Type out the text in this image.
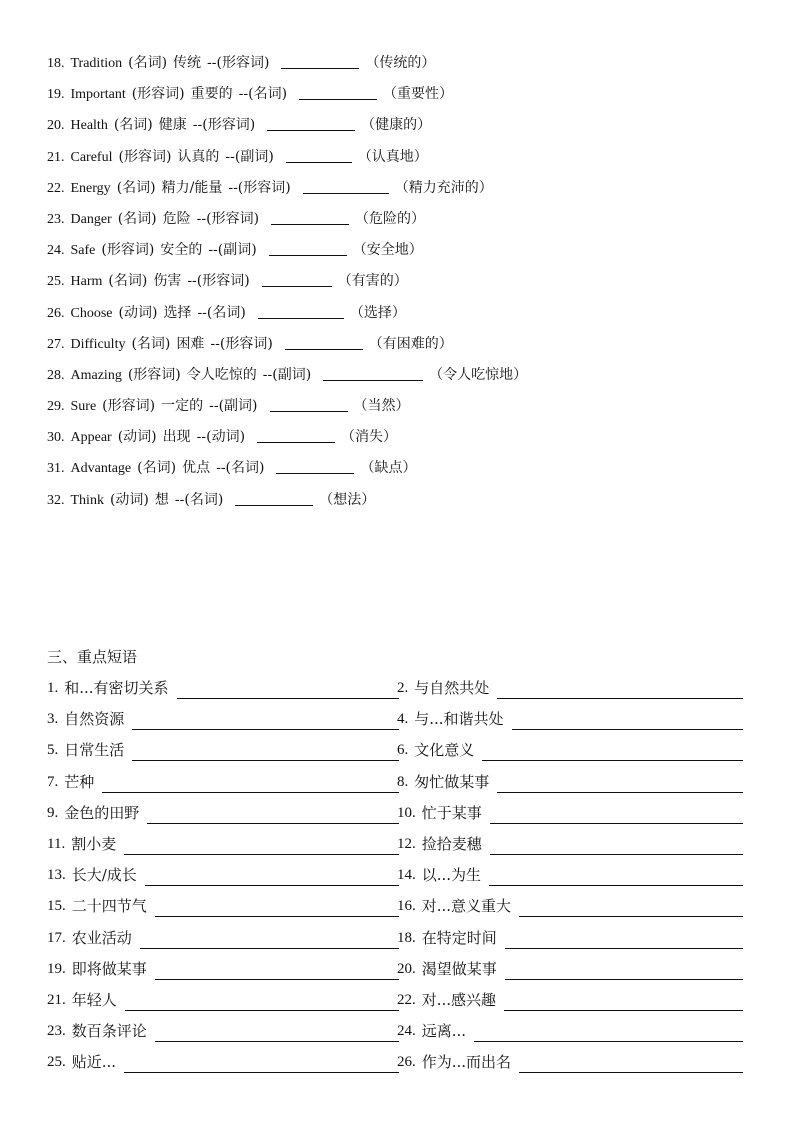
18. Tradition (名词) 传统 --(形容词)	（传统的）
19. Important (形容词) 重要的 --(名词)	（重要性）
20. Health (名词) 健康 --(形容词)	（健康的）
21. Careful (形容词) 认真的 --(副词)	（认真地）
22. Energy (名词) 精力/能量 --(形容词)	（精力充沛的）
23. Danger (名词) 危险 --(形容词)	（危险的）
24. Safe (形容词) 安全的 --(副词)	（安全地）
25. Harm (名词) 伤害 --(形容词)	（有害的）
26. Choose (动词) 选择 --(名词)	（选择）
27. Difficulty (名词) 困难 --(形容词)	（有困难的）
28. Amazing (形容词) 令人吃惊的 --(副词)	（令人吃惊地）
29. Sure (形容词) 一定的 --(副词)	（当然）
30. Appear (动词) 出现 --(动词)	（消失）
31. Advantage (名词) 优点 --(名词)	（缺点）
32. Think (动词) 想 --(名词)	（想法）
三、重点短语
1. 和...有密切关系	2. 与自然共处
3. 自然资源	4. 与...和谐共处
5. 日常生活	6. 文化意义
7. 芒种	8. 匆忙做某事
9. 金色的田野	10. 忙于某事
11. 割小麦	12. 捡拾麦穗
13. 长大/成长	14. 以...为生
15. 二十四节气	16. 对...意义重大
17. 农业活动	18. 在特定时间
19. 即将做某事	20. 渴望做某事
21. 年轻人	22. 对...感兴趣
23. 数百条评论	24. 远离...
25. 贴近...	26. 作为...而出名
